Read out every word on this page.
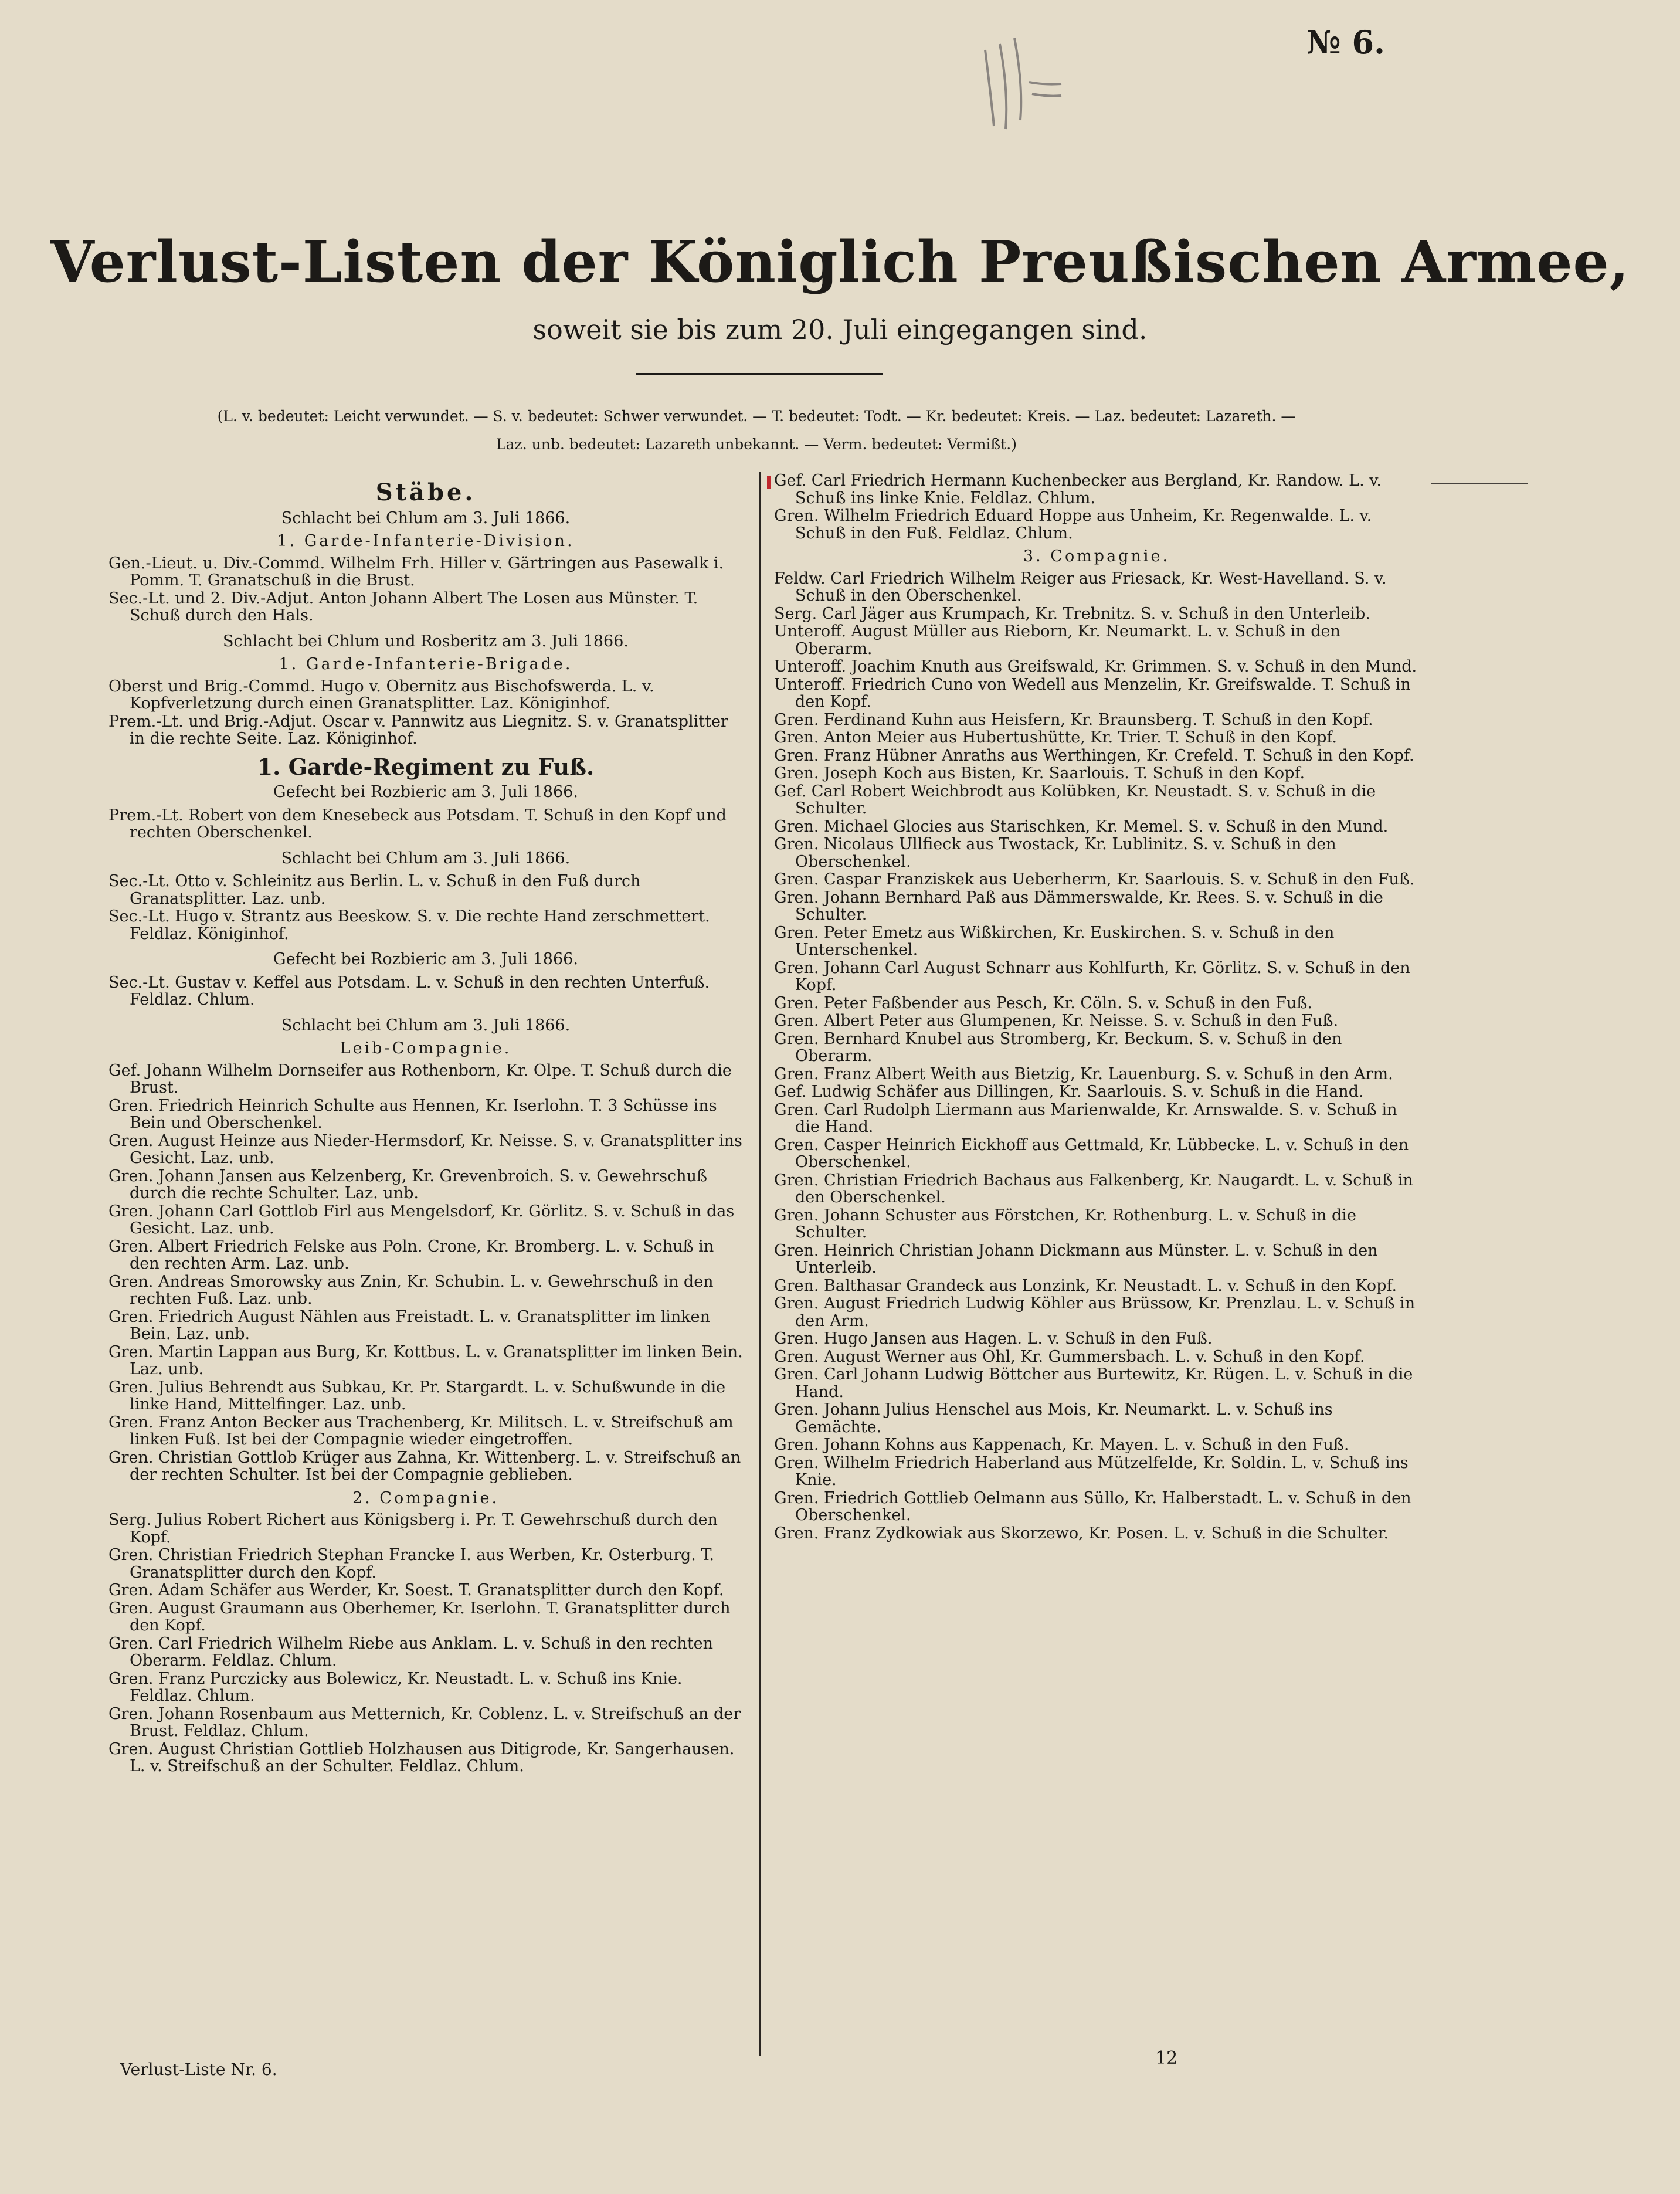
№ 6.
Verlust-Listen der Königlich Preußischen Armee,
soweit sie bis zum 20. Juli eingegangen sind.
(L. v. bedeutet: Leicht verwundet. — S. v. bedeutet: Schwer verwundet. — T. bedeutet: Todt. — Kr. bedeutet: Kreis. — Laz. bedeutet: Lazareth. —
Laz. unb. bedeutet: Lazareth unbekannt. — Verm. bedeutet: Vermißt.)
Stäbe.
Schlacht bei Chlum am 3. Juli 1866.
1. Garde-Infanterie-Division.
Gen.-Lieut. u. Div.-Commd. Wilhelm Frh. Hiller v. Gärtringen aus Pasewalk i. Pomm. T. Granatschuß in die Brust.
Sec.-Lt. und 2. Div.-Adjut. Anton Johann Albert The Losen aus Münster. T. Schuß durch den Hals.
Schlacht bei Chlum und Rosberitz am 3. Juli 1866.
1. Garde-Infanterie-Brigade.
Oberst und Brig.-Commd. Hugo v. Obernitz aus Bischofswerda. L. v. Kopfverletzung durch einen Granatsplitter. Laz. Königinhof.
Prem.-Lt. und Brig.-Adjut. Oscar v. Pannwitz aus Liegnitz. S. v. Granatsplitter in die rechte Seite. Laz. Königinhof.
1. Garde-Regiment zu Fuß.
Gefecht bei Rozbieric am 3. Juli 1866.
Prem.-Lt. Robert von dem Knesebeck aus Potsdam. T. Schuß in den Kopf und rechten Oberschenkel.
Schlacht bei Chlum am 3. Juli 1866.
Sec.-Lt. Otto v. Schleinitz aus Berlin. L. v. Schuß in den Fuß durch Granatsplitter. Laz. unb.
Sec.-Lt. Hugo v. Strantz aus Beeskow. S. v. Die rechte Hand zerschmettert. Feldlaz. Königinhof.
Gefecht bei Rozbieric am 3. Juli 1866.
Sec.-Lt. Gustav v. Keffel aus Potsdam. L. v. Schuß in den rechten Unterfuß. Feldlaz. Chlum.
Schlacht bei Chlum am 3. Juli 1866.
Leib-Compagnie.
Gef. Johann Wilhelm Dornseifer aus Rothenborn, Kr. Olpe. T. Schuß durch die Brust.
Gren. Friedrich Heinrich Schulte aus Hennen, Kr. Iserlohn. T. 3 Schüsse ins Bein und Oberschenkel.
Gren. August Heinze aus Nieder-Hermsdorf, Kr. Neisse. S. v. Granatsplitter ins Gesicht. Laz. unb.
Gren. Johann Jansen aus Kelzenberg, Kr. Grevenbroich. S. v. Gewehrschuß durch die rechte Schulter. Laz. unb.
Gren. Johann Carl Gottlob Firl aus Mengelsdorf, Kr. Görlitz. S. v. Schuß in das Gesicht. Laz. unb.
Gren. Albert Friedrich Felske aus Poln. Crone, Kr. Bromberg. L. v. Schuß in den rechten Arm. Laz. unb.
Gren. Andreas Smorowsky aus Znin, Kr. Schubin. L. v. Gewehrschuß in den rechten Fuß. Laz. unb.
Gren. Friedrich August Nählen aus Freistadt. L. v. Granatsplitter im linken Bein. Laz. unb.
Gren. Martin Lappan aus Burg, Kr. Kottbus. L. v. Granatsplitter im linken Bein. Laz. unb.
Gren. Julius Behrendt aus Subkau, Kr. Pr. Stargardt. L. v. Schußwunde in die linke Hand, Mittelfinger. Laz. unb.
Gren. Franz Anton Becker aus Trachenberg, Kr. Militsch. L. v. Streifschuß am linken Fuß. Ist bei der Compagnie wieder eingetroffen.
Gren. Christian Gottlob Krüger aus Zahna, Kr. Wittenberg. L. v. Streifschuß an der rechten Schulter. Ist bei der Compagnie geblieben.
2. Compagnie.
Serg. Julius Robert Richert aus Königsberg i. Pr. T. Gewehrschuß durch den Kopf.
Gren. Christian Friedrich Stephan Francke I. aus Werben, Kr. Osterburg. T. Granatsplitter durch den Kopf.
Gren. Adam Schäfer aus Werder, Kr. Soest. T. Granatsplitter durch den Kopf.
Gren. August Graumann aus Oberhemer, Kr. Iserlohn. T. Granatsplitter durch den Kopf.
Gren. Carl Friedrich Wilhelm Riebe aus Anklam. L. v. Schuß in den rechten Oberarm. Feldlaz. Chlum.
Gren. Franz Purczicky aus Bolewicz, Kr. Neustadt. L. v. Schuß ins Knie. Feldlaz. Chlum.
Gren. Johann Rosenbaum aus Metternich, Kr. Coblenz. L. v. Streifschuß an der Brust. Feldlaz. Chlum.
Gren. August Christian Gottlieb Holzhausen aus Ditigrode, Kr. Sangerhausen. L. v. Streifschuß an der Schulter. Feldlaz. Chlum.
Gef. Carl Friedrich Hermann Kuchenbecker aus Bergland, Kr. Randow. L. v. Schuß ins linke Knie. Feldlaz. Chlum.
Gren. Wilhelm Friedrich Eduard Hoppe aus Unheim, Kr. Regenwalde. L. v. Schuß in den Fuß. Feldlaz. Chlum.
3. Compagnie.
Feldw. Carl Friedrich Wilhelm Reiger aus Friesack, Kr. West-Havelland. S. v. Schuß in den Oberschenkel.
Serg. Carl Jäger aus Krumpach, Kr. Trebnitz. S. v. Schuß in den Unterleib.
Unteroff. August Müller aus Rieborn, Kr. Neumarkt. L. v. Schuß in den Oberarm.
Unteroff. Joachim Knuth aus Greifswald, Kr. Grimmen. S. v. Schuß in den Mund.
Unteroff. Friedrich Cuno von Wedell aus Menzelin, Kr. Greifswalde. T. Schuß in den Kopf.
Gren. Ferdinand Kuhn aus Heisfern, Kr. Braunsberg. T. Schuß in den Kopf.
Gren. Anton Meier aus Hubertushütte, Kr. Trier. T. Schuß in den Kopf.
Gren. Franz Hübner Anraths aus Werthingen, Kr. Crefeld. T. Schuß in den Kopf.
Gren. Joseph Koch aus Bisten, Kr. Saarlouis. T. Schuß in den Kopf.
Gef. Carl Robert Weichbrodt aus Kolübken, Kr. Neustadt. S. v. Schuß in die Schulter.
Gren. Michael Glocies aus Starischken, Kr. Memel. S. v. Schuß in den Mund.
Gren. Nicolaus Ullfieck aus Twostack, Kr. Lublinitz. S. v. Schuß in den Oberschenkel.
Gren. Caspar Franziskek aus Ueberherrn, Kr. Saarlouis. S. v. Schuß in den Fuß.
Gren. Johann Bernhard Paß aus Dämmerswalde, Kr. Rees. S. v. Schuß in die Schulter.
Gren. Peter Emetz aus Wißkirchen, Kr. Euskirchen. S. v. Schuß in den Unterschenkel.
Gren. Johann Carl August Schnarr aus Kohlfurth, Kr. Görlitz. S. v. Schuß in den Kopf.
Gren. Peter Faßbender aus Pesch, Kr. Cöln. S. v. Schuß in den Fuß.
Gren. Albert Peter aus Glumpenen, Kr. Neisse. S. v. Schuß in den Fuß.
Gren. Bernhard Knubel aus Stromberg, Kr. Beckum. S. v. Schuß in den Oberarm.
Gren. Franz Albert Weith aus Bietzig, Kr. Lauenburg. S. v. Schuß in den Arm.
Gef. Ludwig Schäfer aus Dillingen, Kr. Saarlouis. S. v. Schuß in die Hand.
Gren. Carl Rudolph Liermann aus Marienwalde, Kr. Arnswalde. S. v. Schuß in die Hand.
Gren. Casper Heinrich Eickhoff aus Gettmald, Kr. Lübbecke. L. v. Schuß in den Oberschenkel.
Gren. Christian Friedrich Bachaus aus Falkenberg, Kr. Naugardt. L. v. Schuß in den Oberschenkel.
Gren. Johann Schuster aus Förstchen, Kr. Rothenburg. L. v. Schuß in die Schulter.
Gren. Heinrich Christian Johann Dickmann aus Münster. L. v. Schuß in den Unterleib.
Gren. Balthasar Grandeck aus Lonzink, Kr. Neustadt. L. v. Schuß in den Kopf.
Gren. August Friedrich Ludwig Köhler aus Brüssow, Kr. Prenzlau. L. v. Schuß in den Arm.
Gren. Hugo Jansen aus Hagen. L. v. Schuß in den Fuß.
Gren. August Werner aus Ohl, Kr. Gummersbach. L. v. Schuß in den Kopf.
Gren. Carl Johann Ludwig Böttcher aus Burtewitz, Kr. Rügen. L. v. Schuß in die Hand.
Gren. Johann Julius Henschel aus Mois, Kr. Neumarkt. L. v. Schuß ins Gemächte.
Gren. Johann Kohns aus Kappenach, Kr. Mayen. L. v. Schuß in den Fuß.
Gren. Wilhelm Friedrich Haberland aus Mützelfelde, Kr. Soldin. L. v. Schuß ins Knie.
Gren. Friedrich Gottlieb Oelmann aus Süllo, Kr. Halberstadt. L. v. Schuß in den Oberschenkel.
Gren. Franz Zydkowiak aus Skorzewo, Kr. Posen. L. v. Schuß in die Schulter.
Verlust-Liste Nr. 6.
12
